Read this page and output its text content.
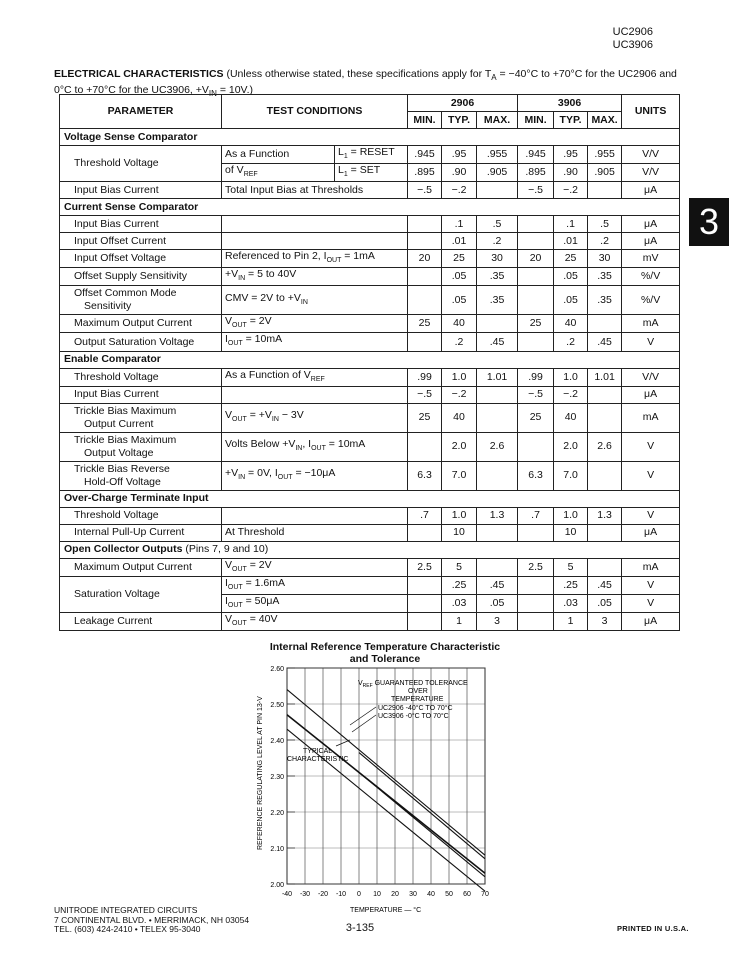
UC2906
UC3906
ELECTRICAL CHARACTERISTICS (Unless otherwise stated, these specifications apply for $T_A = -40^\circ C$ to +70°C for the UC2906 and 0°C to +70°C for the UC3906, $+V_{IN} = 10V$.)
3
PARAMETER	TEST CONDITIONS		2906			3906			UNITS
			MIN.	TYP.	MAX.	MIN.	TYP.	MAX.	
Voltage Sense Comparator									
Threshold Voltage	As a Function	$L_1$ = RESET	.945	.95	.955	.945	.95	.955	V/V
	of $V_{REF}$	$L_1$ = SET	.895	.90	.905	.895	.90	.905	V/V
Input Bias Current	Total Input Bias at Thresholds		−.5	−.2		−.5	−.2		μA
Current Sense Comparator									
Input Bias Current				.1	.5		.1	.5	μA
Input Offset Current				.01	.2		.01	.2	μA
Input Offset Voltage	Referenced to Pin 2, $I_{OUT} = 1mA$		20	25	30	20	25	30	mV
Offset Supply Sensitivity	$+V_{IN} = 5$ to 40V			.05	.35		.05	.35	%/V

Offset Common Mode
Sensitivity	CMV = 2V to $+V_{IN}$			.05	.35		.05	.35	%/V
Maximum Output Current	$V_{OUT} = 2V$		25	40		25	40		mA
Output Saturation Voltage	$I_{OUT} = 10mA$			.2	.45		.2	.45	V
Enable Comparator									
Threshold Voltage	As a Function of $V_{REF}$		.99	1.0	1.01	.99	1.0	1.01	V/V
Input Bias Current			−.5	−.2		−.5	−.2		μA

Trickle Bias Maximum
Output Current	$V_{OUT} = +V_{IN} - 3V$		25	40		25	40		mA

Trickle Bias Maximum
Output Voltage	Volts Below $+V_{IN}$, $I_{OUT} = 10mA$			2.0	2.6		2.0	2.6	V

Trickle Bias Reverse
Hold-Off Voltage	$+V_{IN} = 0V$, $I_{OUT} = -10\mu A$		6.3	7.0		6.3	7.0		V
Over-Charge Terminate Input									
Threshold Voltage			.7	1.0	1.3	.7	1.0	1.3	V
Internal Pull-Up Current	At Threshold			10			10		μA
Open Collector Outputs (Pins 7, 9 and 10)									
Maximum Output Current	$V_{OUT} = 2V$		2.5	5		2.5	5		mA
Saturation Voltage	$I_{OUT} = 1.6mA$			.25	.45		.25	.45	V
	$I_{OUT} = 50\mu A$			.03	.05		.03	.05	V
Leakage Current	$V_{OUT} = 40V$			1	3		1	3	μA
Internal Reference Temperature Characteristic and Tolerance
-40 -30 -20 -10 0 10 20 30 40 50 60 70
2.60
2.50
2.40
2.30
2.20
2.10
2.00
REFERENCE REGULATING LEVEL AT PIN 13-V
TEMPERATURE — °C
$V_{REF}$ GUARANTEED TOLERANCE
OVER
TEMPERATURE
UC2906 -40°C TO 70°C
UC3906 -0°C TO 70°C
TYPICAL
CHARACTERISTIC
UNITRODE INTEGRATED CIRCUITS
7 CONTINENTAL BLVD. • MERRIMACK, NH 03054
TEL. (603) 424-2410 • TELEX 95-3040	3-135	PRINTED IN U.S.A.
